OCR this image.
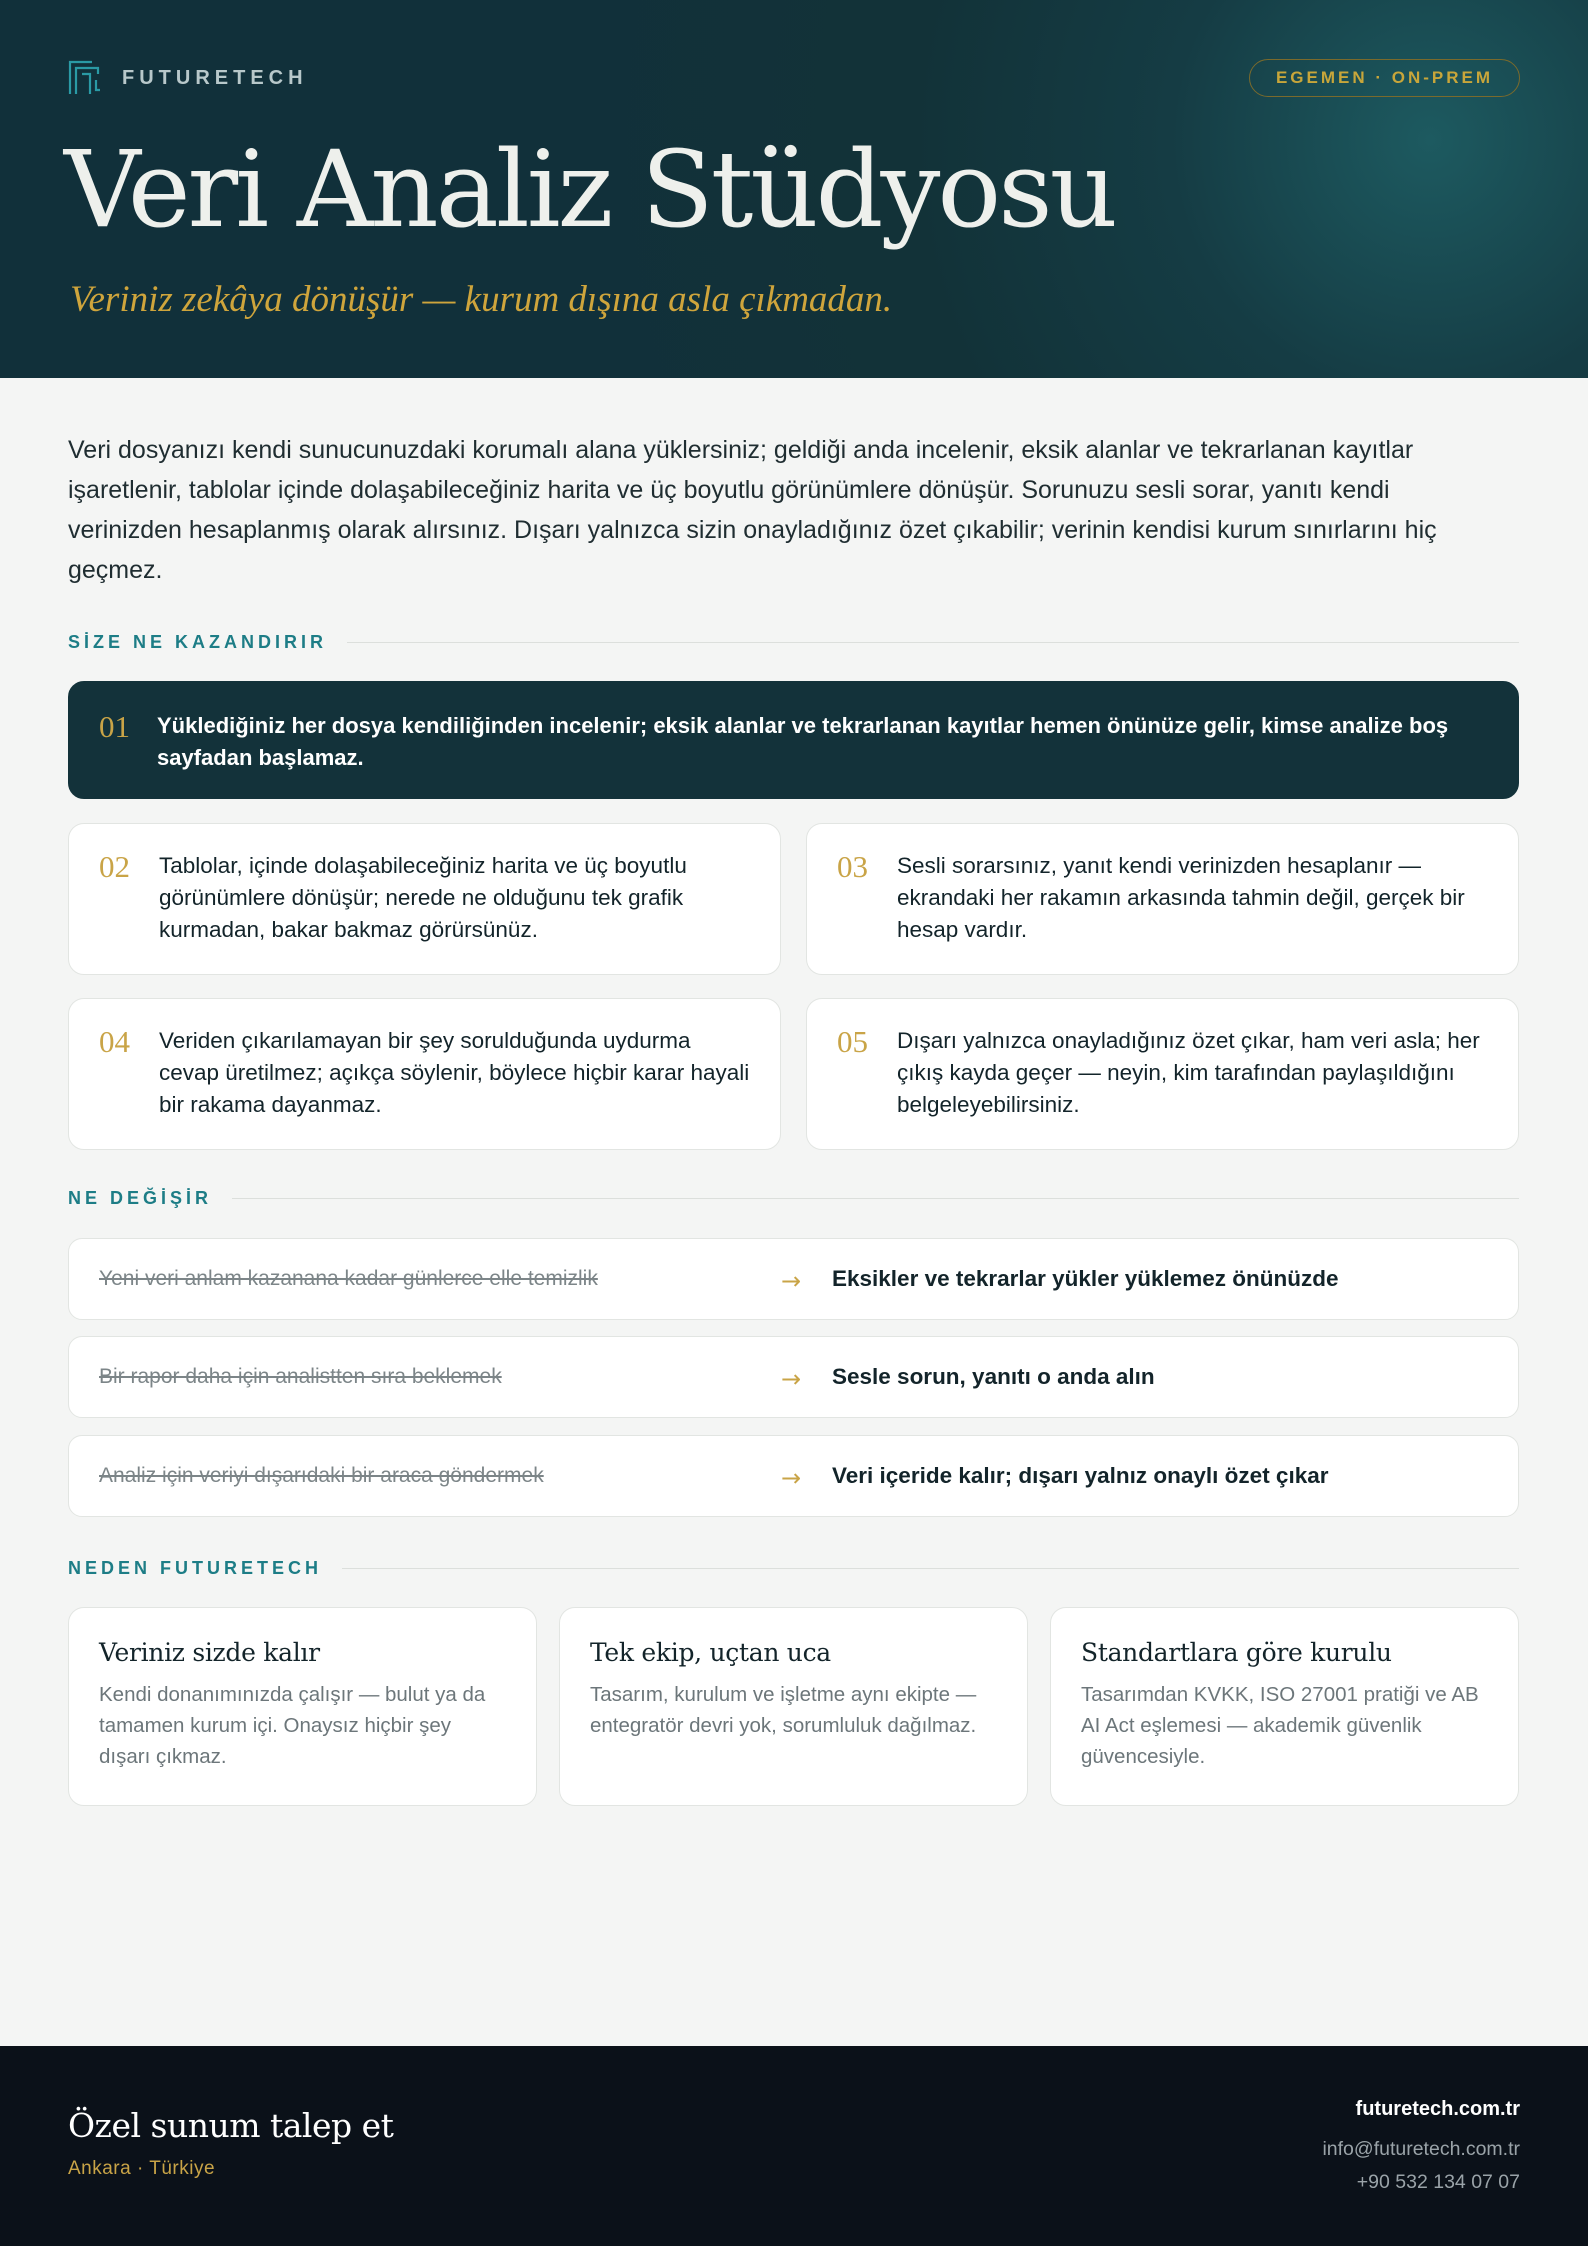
FUTURETECH	EGEMEN · ON-PREM
Veri Analiz Stüdyosu

Veriniz zekâya dönüşür — kurum dışına asla çıkmadan.

Veri dosyanızı kendi sunucunuzdaki korumalı alana yüklersiniz; geldiği anda incelenir, eksik alanlar ve tekrarlanan kayıtlar işaretlenir, tablolar içinde dolaşabileceğiniz harita ve üç boyutlu görünümlere dönüşür. Sorunuzu sesli sorar, yanıtı kendi verinizden hesaplanmış olarak alırsınız. Dışarı yalnızca sizin onayladığınız özet çıkabilir; verinin kendisi kurum sınırlarını hiç geçmez.

SİZE NE KAZANDIRIR
01	Yüklediğiniz her dosya kendiliğinden incelenir; eksik alanlar ve tekrarlanan kayıtlar hemen önünüze gelir, kimse analize boş sayfadan başlamaz.
02	Tablolar, içinde dolaşabileceğiniz harita ve üç boyutlu görünümlere dönüşür; nerede ne olduğunu tek grafik kurmadan, bakar bakmaz görürsünüz.
03	Sesli sorarsınız, yanıt kendi verinizden hesaplanır — ekrandaki her rakamın arkasında tahmin değil, gerçek bir hesap vardır.
04	Veriden çıkarılamayan bir şey sorulduğunda uydurma cevap üretilmez; açıkça söylenir, böylece hiçbir karar hayali bir rakama dayanmaz.
05	Dışarı yalnızca onayladığınız özet çıkar, ham veri asla; her çıkış kayda geçer — neyin, kim tarafından paylaşıldığını belgeleyebilirsiniz.
NE DEĞİŞİR
Yeni veri anlam kazanana kadar günlerce elle temizlik	→ Eksikler ve tekrarlar yükler yüklemez önünüzde
Bir rapor daha için analistten sıra beklemek	→ Sesle sorun, yanıtı o anda alın
Analiz için veriyi dışarıdaki bir araca göndermek	→ Veri içeride kalır; dışarı yalnız onaylı özet çıkar
NEDEN FUTURETECH
Veriniz sizde kalır

Kendi donanımınızda çalışır — bulut ya da tamamen kurum içi. Onaysız hiçbir şey dışarı çıkmaz.

Tek ekip, uçtan uca

Tasarım, kurulum ve işletme aynı ekipte — entegratör devri yok, sorumluluk dağılmaz.

Standartlara göre kurulu

Tasarımdan KVKK, ISO 27001 pratiği ve AB AI Act eşlemesi — akademik güvenlik güvencesiyle.

Özel sunum talep et
Ankara · Türkiye
futuretech.com.tr
info@futuretech.com.tr
+90 532 134 07 07
